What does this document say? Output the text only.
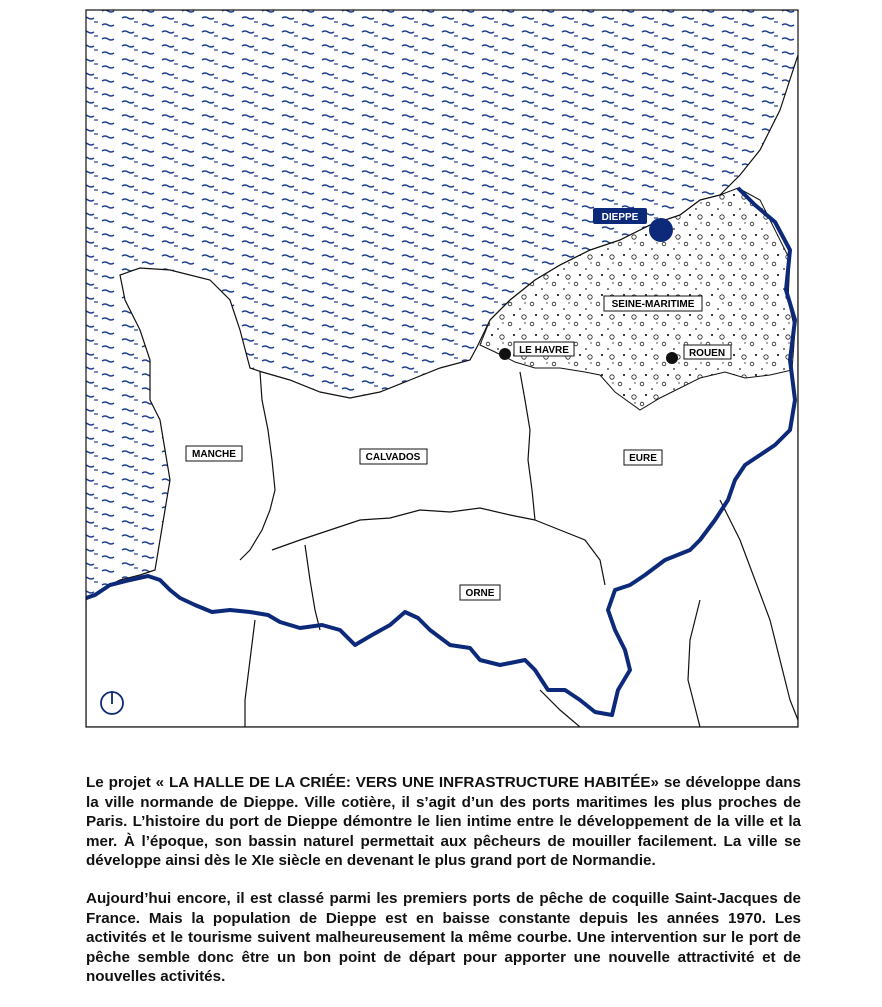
DIEPPE
LE HAVRE	ROUEN
SEINE-MARITIME
MANCHE	CALVADOS	EURE
ORNE

Le projet « LA HALLE DE LA CRIÉE: VERS UNE INFRASTRUCTURE HABITÉE» se développe dans la ville normande de Dieppe. Ville cotière, il s’agit d’un des ports maritimes les plus proches de Paris. L’histoire du port de Dieppe démontre le lien intime entre le développement de la ville et la mer. À l’époque, son bassin naturel permettait aux pêcheurs de mouiller facilement. La ville se développe ainsi dès le XIe siècle en devenant le plus grand port de Normandie.

Aujourd’hui encore, il est classé parmi les premiers ports de pêche de coquille Saint-Jacques de France. Mais la population de Dieppe est en baisse constante depuis les années 1970. Les activités et le tourisme suivent malheureusement la même courbe. Une intervention sur le port de pêche semble donc être un bon point de départ pour apporter une nouvelle attractivité et de nouvelles activités.
